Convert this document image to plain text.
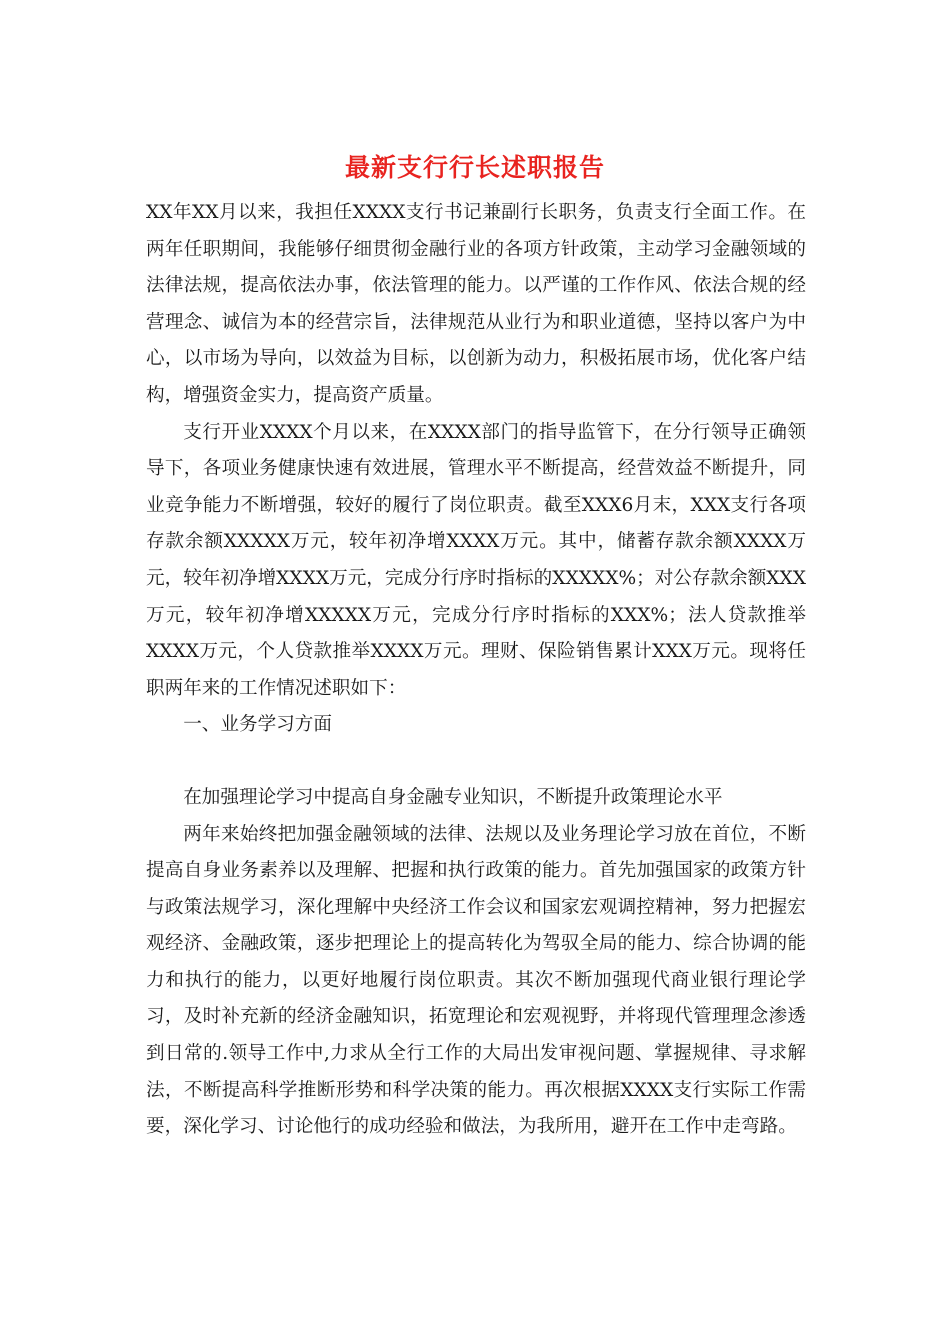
最新支行行长述职报告

XX年XX月以来，我担任XXXX支行书记兼副行长职务，负责支行全面工作。在两年任职期间，我能够仔细贯彻金融行业的各项方针政策，主动学习金融领域的法律法规，提高依法办事，依法管理的能力。以严谨的工作作风、依法合规的经营理念、诚信为本的经营宗旨，法律规范从业行为和职业道德，坚持以客户为中心，以市场为导向，以效益为目标，以创新为动力，积极拓展市场，优化客户结构，增强资金实力，提高资产质量。

支行开业XXXX个月以来，在XXXX部门的指导监管下，在分行领导正确领导下，各项业务健康快速有效进展，管理水平不断提高，经营效益不断提升，同业竞争能力不断增强，较好的履行了岗位职责。截至XXX6月末，XXX支行各项存款余额XXXXX万元，较年初净增XXXX万元。其中，储蓄存款余额XXXX万元，较年初净增XXXX万元，完成分行序时指标的XXXXX%；对公存款余额XXX万元，较年初净增XXXXX万元，完成分行序时指标的XXX%；法人贷款推举XXXX万元，个人贷款推举XXXX万元。理财、保险销售累计XXX万元。现将任职两年来的工作情况述职如下：

一、业务学习方面

在加强理论学习中提高自身金融专业知识，不断提升政策理论水平

两年来始终把加强金融领域的法律、法规以及业务理论学习放在首位，不断提高自身业务素养以及理解、把握和执行政策的能力。首先加强国家的政策方针与政策法规学习，深化理解中央经济工作会议和国家宏观调控精神，努力把握宏观经济、金融政策，逐步把理论上的提高转化为驾驭全局的能力、综合协调的能力和执行的能力，以更好地履行岗位职责。其次不断加强现代商业银行理论学习，及时补充新的经济金融知识，拓宽理论和宏观视野，并将现代管理理念渗透到日常的.领导工作中,力求从全行工作的大局出发审视问题、掌握规律、寻求解法，不断提高科学推断形势和科学决策的能力。再次根据XXXX支行实际工作需要，深化学习、讨论他行的成功经验和做法，为我所用，避开在工作中走弯路。
